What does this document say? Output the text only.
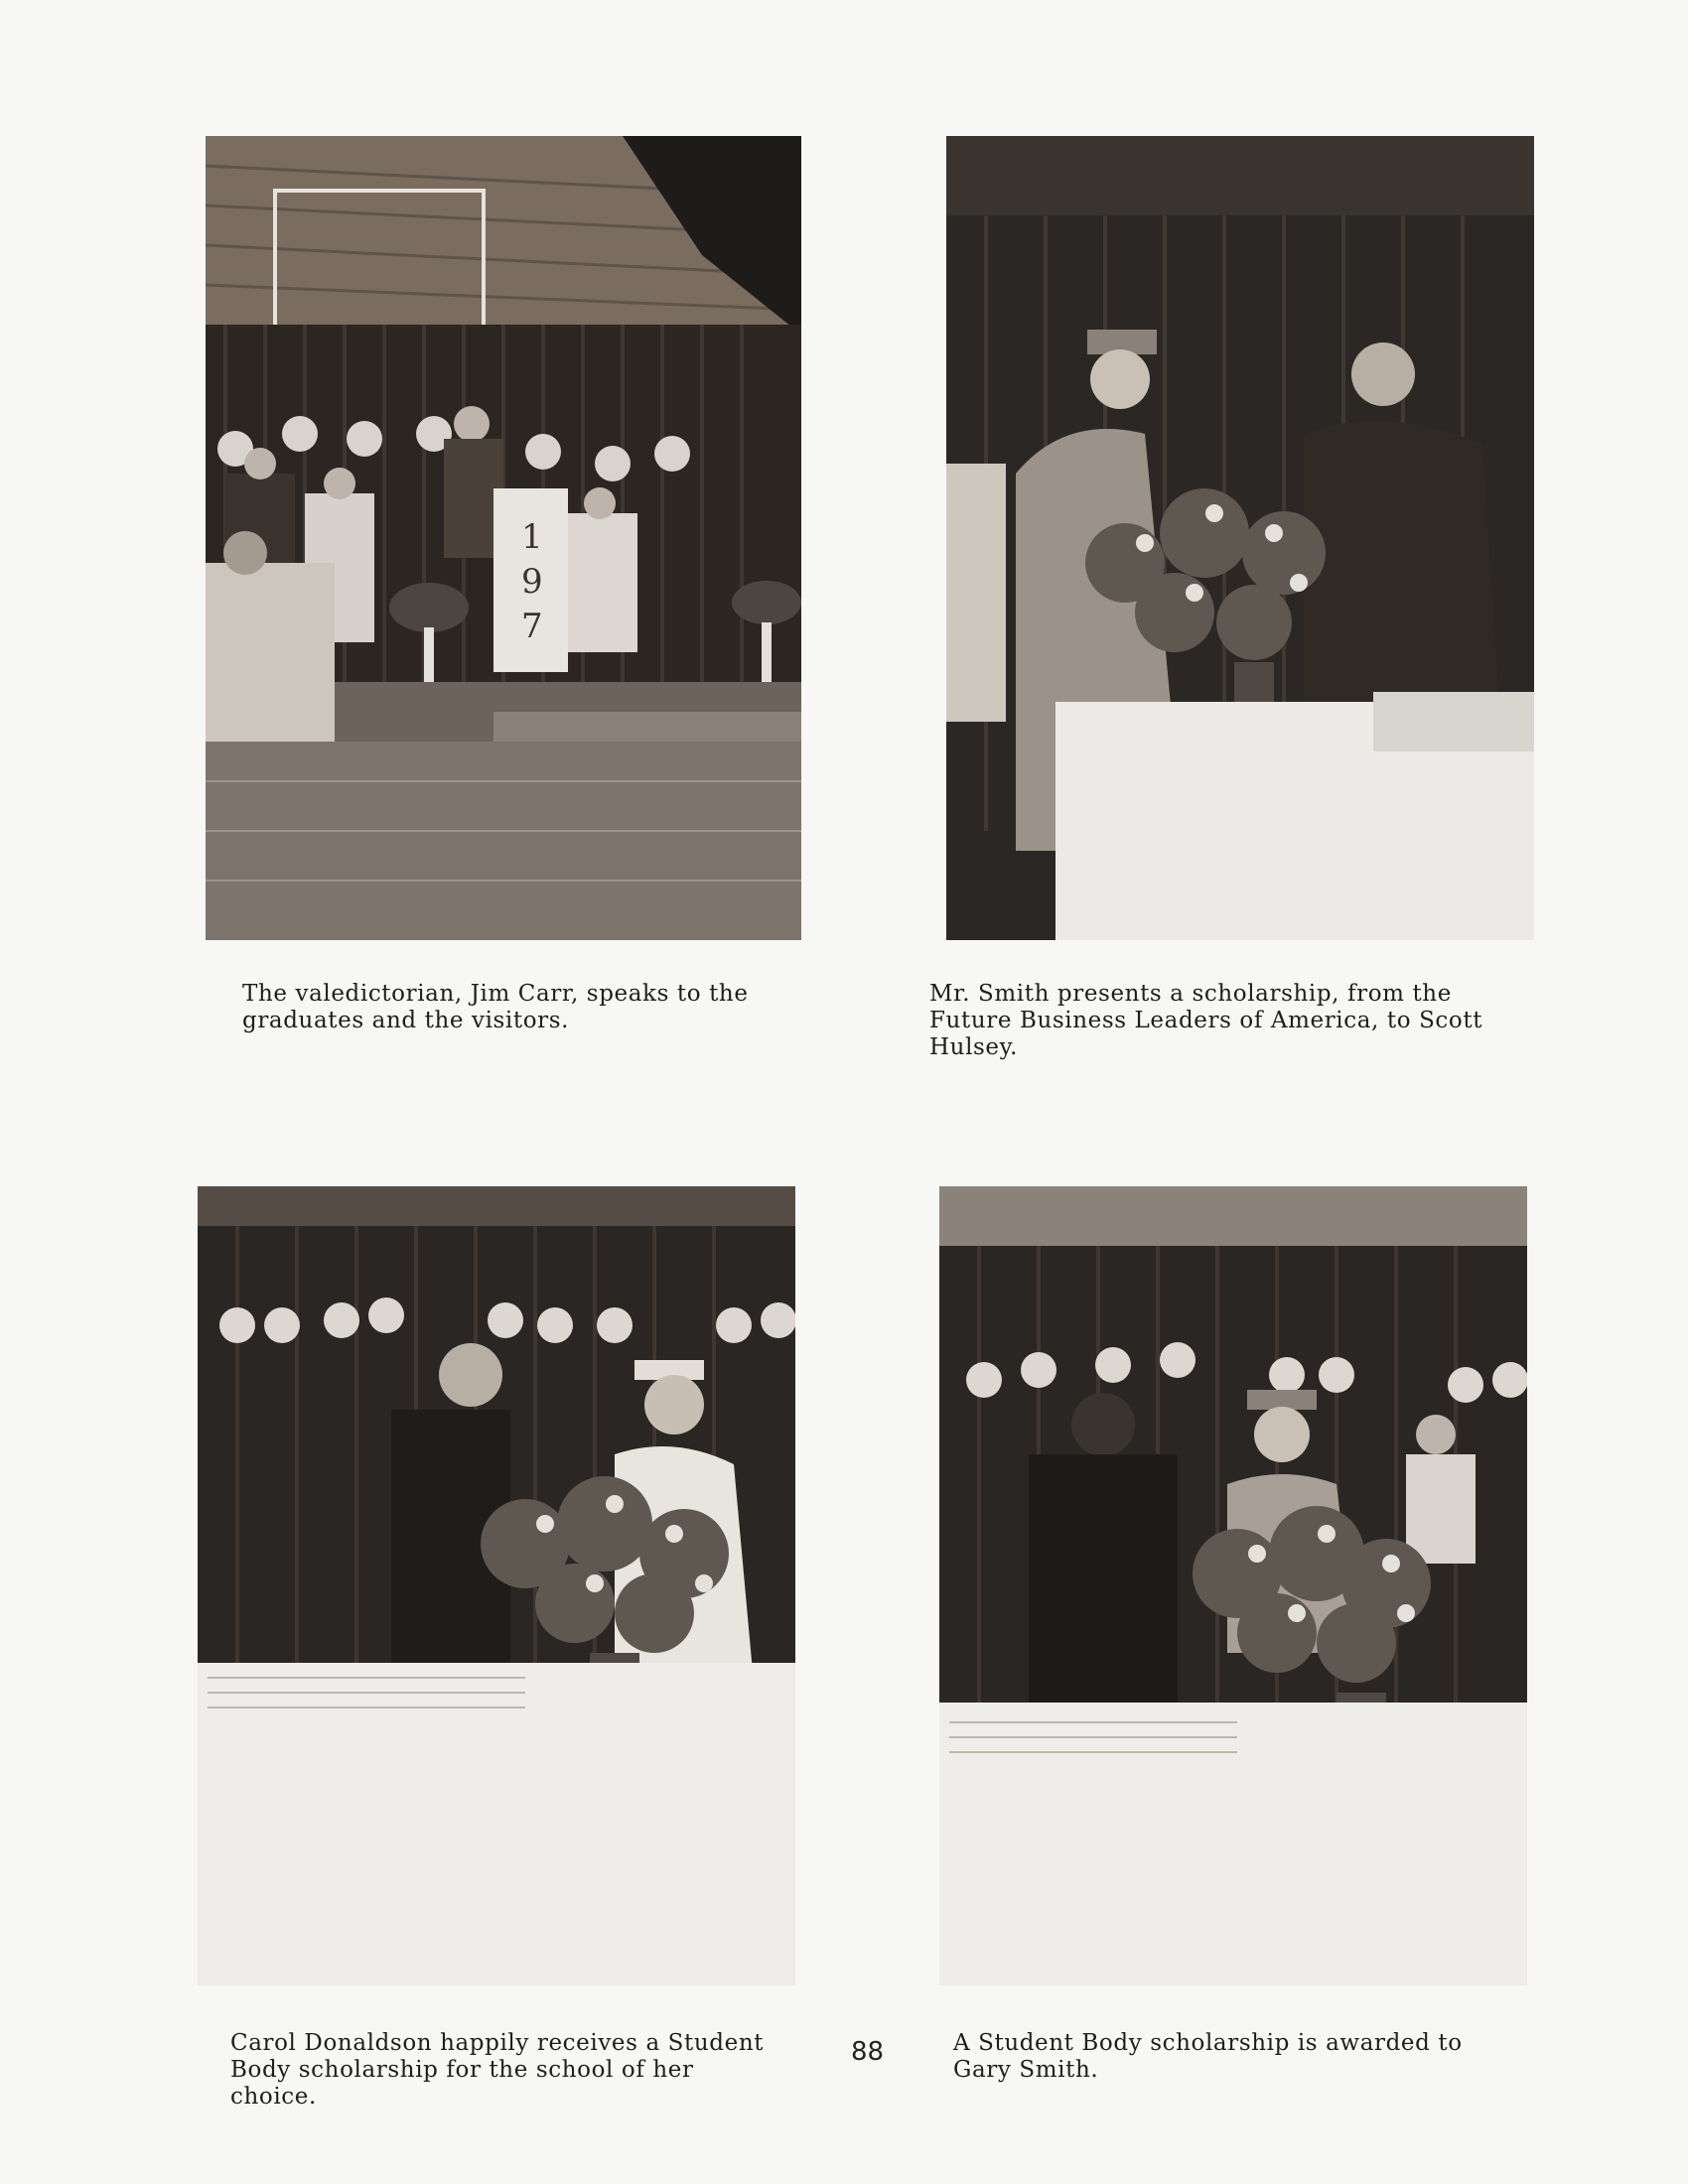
1
9
7
The valedictorian, Jim Carr, speaks to the graduates and the visitors.
Mr. Smith presents a scholarship, from the Future Business Leaders of America, to Scott Hulsey.
Carol Donaldson happily receives a Student Body scholarship for the school of her choice.
A Student Body scholarship is awarded to Gary Smith.
88
